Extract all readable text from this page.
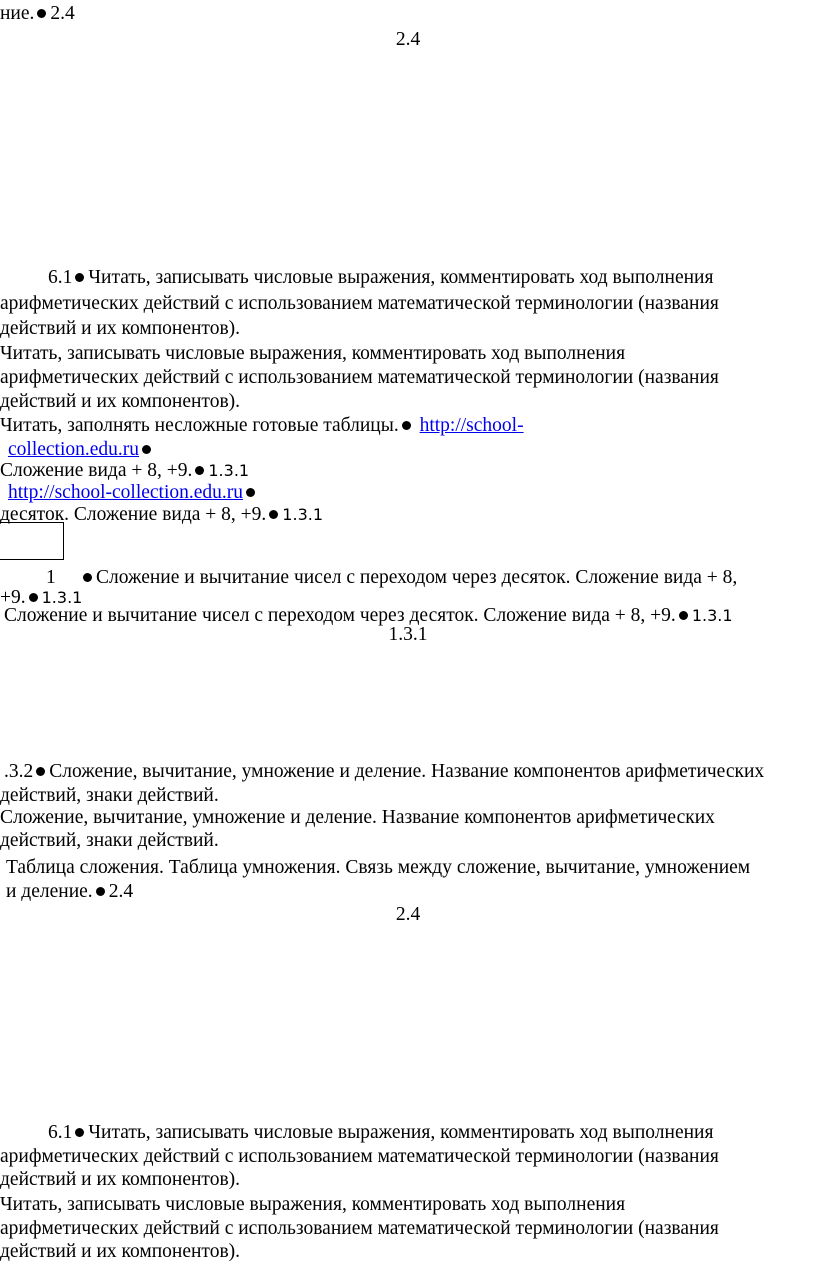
ние. 2.4
2.4
6.1 Читать, записывать числовые выражения, комментировать ход выполнения
арифметических действий с использованием математической терминологии (названия
действий и их компонентов).
Читать, записывать числовые выражения, комментировать ход выполнения
арифметических действий с использованием математической терминологии (названия
действий и их компонентов).
Читать, заполнять несложные готовые таблицы. http://school-
collection.edu.ru
Сложение вида + 8, +9. 1.3.1
http://school-collection.edu.ru
десяток. Сложение вида + 8, +9. 1.3.1
1	Сложение и вычитание чисел с переходом через десяток. Сложение вида + 8,
+9. 1.3.1
Сложение и вычитание чисел с переходом через десяток. Сложение вида + 8, +9. 1.3.1
1.3.1
.3.2 Сложение, вычитание, умножение и деление. Название компонентов арифметических
действий, знаки действий.
Сложение, вычитание, умножение и деление. Название компонентов арифметических
действий, знаки действий.
Таблица сложения. Таблица умножения. Связь между сложение, вычитание, умножением
и деление. 2.4
2.4
6.1 Читать, записывать числовые выражения, комментировать ход выполнения
арифметических действий с использованием математической терминологии (названия
действий и их компонентов).
Читать, записывать числовые выражения, комментировать ход выполнения
арифметических действий с использованием математической терминологии (названия
действий и их компонентов).
